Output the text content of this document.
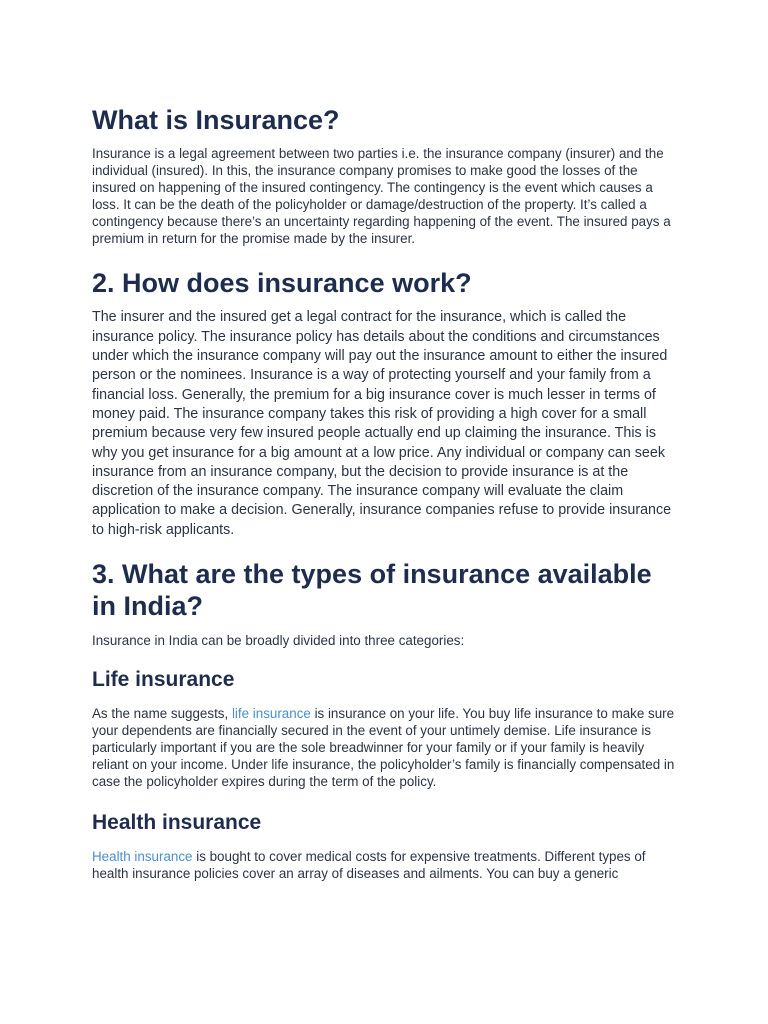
What is Insurance?

Insurance is a legal agreement between two parties i.e. the insurance company (insurer) and the individual (insured). In this, the insurance company promises to make good the losses of the insured on happening of the insured contingency. The contingency is the event which causes a loss. It can be the death of the policyholder or damage/destruction of the property. It’s called a contingency because there’s an uncertainty regarding happening of the event. The insured pays a premium in return for the promise made by the insurer.

2. How does insurance work?

The insurer and the insured get a legal contract for the insurance, which is called the insurance policy. The insurance policy has details about the conditions and circumstances under which the insurance company will pay out the insurance amount to either the insured person or the nominees. Insurance is a way of protecting yourself and your family from a financial loss. Generally, the premium for a big insurance cover is much lesser in terms of money paid. The insurance company takes this risk of providing a high cover for a small premium because very few insured people actually end up claiming the insurance. This is why you get insurance for a big amount at a low price. Any individual or company can seek insurance from an insurance company, but the decision to provide insurance is at the discretion of the insurance company. The insurance company will evaluate the claim application to make a decision. Generally, insurance companies refuse to provide insurance to high-risk applicants.

3. What are the types of insurance available in India?

Insurance in India can be broadly divided into three categories:

Life insurance

As the name suggests, life insurance is insurance on your life. You buy life insurance to make sure your dependents are financially secured in the event of your untimely demise. Life insurance is particularly important if you are the sole breadwinner for your family or if your family is heavily reliant on your income. Under life insurance, the policyholder’s family is financially compensated in case the policyholder expires during the term of the policy.

Health insurance

Health insurance is bought to cover medical costs for expensive treatments. Different types of health insurance policies cover an array of diseases and ailments. You can buy a generic
